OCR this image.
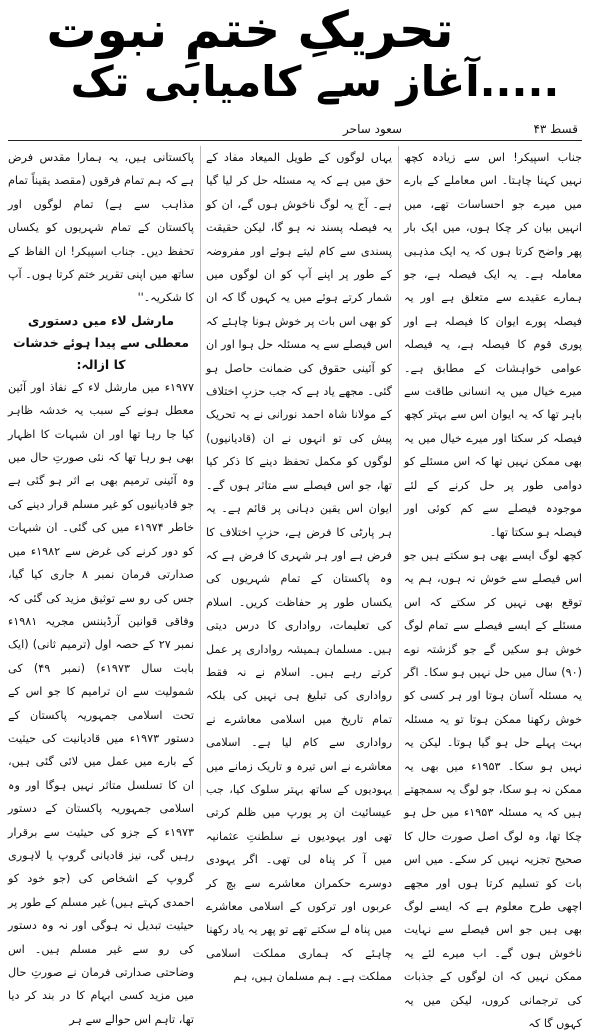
تحریکِ ختمِ نبوت
.....آغاز سے کامیابی تک
قسط ۴۳
سعود ساحر

جناب اسپیکر! اس سے زیادہ کچھ نہیں کہنا چاہتا۔ اس معاملے کے بارے میں میرے جو احساسات تھے، میں انہیں بیان کر چکا ہوں، میں ایک بار پھر واضح کرتا ہوں کہ یہ ایک مذہبی معاملہ ہے۔ یہ ایک فیصلہ ہے، جو ہمارے عقیدے سے متعلق ہے اور یہ فیصلہ پورے ایوان کا فیصلہ ہے اور پوری قوم کا فیصلہ ہے، یہ فیصلہ عوامی خواہشات کے مطابق ہے۔ میرے خیال میں یہ انسانی طاقت سے باہر تھا کہ یہ ایوان اس سے بہتر کچھ فیصلہ کر سکتا اور میرے خیال میں یہ بھی ممکن نہیں تھا کہ اس مسئلے کو دوامی طور پر حل کرنے کے لئے موجودہ فیصلے سے کم کوئی اور فیصلہ ہو سکتا تھا۔

کچھ لوگ ایسے بھی ہو سکتے ہیں جو اس فیصلے سے خوش نہ ہوں، ہم یہ توقع بھی نہیں کر سکتے کہ اس مسئلے کے ایسے فیصلے سے تمام لوگ خوش ہو سکیں گے جو گزشتہ نوے (۹۰) سال میں حل نہیں ہو سکا۔ اگر یہ مسئلہ آسان ہوتا اور ہر کسی کو خوش رکھنا ممکن ہوتا تو یہ مسئلہ بہت پہلے حل ہو گیا ہوتا۔ لیکن یہ نہیں ہو سکا۔ ۱۹۵۳ء میں بھی یہ ممکن نہ ہو سکا، جو لوگ یہ سمجھتے ہیں کہ یہ مسئلہ ۱۹۵۳ء میں حل ہو چکا تھا، وہ لوگ اصل صورت حال کا صحیح تجزیہ نہیں کر سکے۔ میں اس بات کو تسلیم کرتا ہوں اور مجھے اچھی طرح معلوم ہے کہ ایسے لوگ بھی ہیں جو اس فیصلے سے نہایت ناخوش ہوں گے۔ اب میرے لئے یہ ممکن نہیں کہ ان لوگوں کے جذبات کی ترجمانی کروں، لیکن میں یہ کہوں گا کہ

یہاں لوگوں کے طویل المیعاد مفاد کے حق میں ہے کہ یہ مسئلہ حل کر لیا گیا ہے۔ آج یہ لوگ ناخوش ہوں گے، ان کو یہ فیصلہ پسند نہ ہو گا، لیکن حقیقت پسندی سے کام لیتے ہوئے اور مفروضہ کے طور پر اپنے آپ کو ان لوگوں میں شمار کرتے ہوئے میں یہ کہوں گا کہ ان کو بھی اس بات پر خوش ہونا چاہئے کہ اس فیصلے سے یہ مسئلہ حل ہوا اور ان کو آئینی حقوق کی ضمانت حاصل ہو گئی۔ مجھے یاد ہے کہ جب حزبِ اختلاف کے مولانا شاہ احمد نورانی نے یہ تحریک پیش کی تو انہوں نے ان (قادیانیوں) لوگوں کو مکمل تحفظ دینے کا ذکر کیا تھا، جو اس فیصلے سے متاثر ہوں گے۔ ایوان اس یقین دہانی پر قائم ہے۔ یہ ہر پارٹی کا فرض ہے، حزبِ اختلاف کا فرض ہے اور ہر شہری کا فرض ہے کہ وہ پاکستان کے تمام شہریوں کی یکساں طور پر حفاظت کریں۔ اسلام کی تعلیمات، رواداری کا درس دیتی ہیں۔ مسلمان ہمیشہ رواداری پر عمل کرتے رہے ہیں۔ اسلام نے نہ فقط رواداری کی تبلیغ ہی نہیں کی بلکہ تمام تاریخ میں اسلامی معاشرے نے رواداری سے کام لیا ہے۔ اسلامی معاشرے نے اس تیرہ و تاریک زمانے میں یہودیوں کے ساتھ بہتر سلوک کیا، جب عیسائیت ان پر یورپ میں ظلم کرتی تھی اور یہودیوں نے سلطنتِ عثمانیہ میں آ کر پناہ لی تھی۔ اگر یہودی دوسرے حکمران معاشرے سے بچ کر عربوں اور ترکوں کے اسلامی معاشرے میں پناہ لے سکتے تھے تو پھر یہ یاد رکھنا چاہئے کہ ہماری مملکت اسلامی مملکت ہے۔ ہم مسلمان ہیں، ہم

پاکستانی ہیں، یہ ہمارا مقدس فرض ہے کہ ہم تمام فرقوں (مقصد یقیناً تمام مذاہب سے ہے) تمام لوگوں اور پاکستان کے تمام شہریوں کو یکساں تحفظ دیں۔ جناب اسپیکر! ان الفاظ کے ساتھ میں اپنی تقریر ختم کرتا ہوں۔ آپ کا شکریہ۔''

مارشل لاء میں دستوری معطلی سے پیدا ہوئے خدشات کا ازالہ:

۱۹۷۷ء میں مارشل لاء کے نفاذ اور آئین معطل ہونے کے سبب یہ خدشہ ظاہر کیا جا رہا تھا اور ان شبہات کا اظہار بھی ہو رہا تھا کہ نئی صورتِ حال میں وہ آئینی ترمیم بھی بے اثر ہو گئی ہے جو قادیانیوں کو غیر مسلم قرار دینے کی خاطر ۱۹۷۴ء میں کی گئی۔ ان شبہات کو دور کرنے کی غرض سے ۱۹۸۲ء میں صدارتی فرمان نمبر ۸ جاری کیا گیا، جس کی رو سے توثیق مزید کی گئی کہ وفاقی قوانین آرڈیننس مجریہ ۱۹۸۱ء نمبر ۲۷ کے حصہ اول (ترمیم ثانی) (ایک بابت سال ۱۹۷۳ء) (نمبر ۴۹) کی شمولیت سے ان ترامیم کا جو اس کے تحت اسلامی جمہوریہ پاکستان کے دستور ۱۹۷۳ء میں قادیانیت کی حیثیت کے بارے میں عمل میں لائی گئی ہیں، ان کا تسلسل متاثر نہیں ہوگا اور وہ اسلامی جمہوریہ پاکستان کے دستور ۱۹۷۳ء کے جزو کی حیثیت سے برقرار رہیں گی، نیز قادیانی گروپ یا لاہوری گروپ کے اشخاص کی (جو خود کو احمدی کہتے ہیں) غیر مسلم کے طور پر حیثیت تبدیل نہ ہوگی اور نہ وہ دستور کی رو سے غیر مسلم ہیں۔ اس وضاحتی صدارتی فرمان نے صورتِ حال میں مزید کسی ابہام کا در بند کر دیا تھا، تاہم اس حوالے سے ہر
